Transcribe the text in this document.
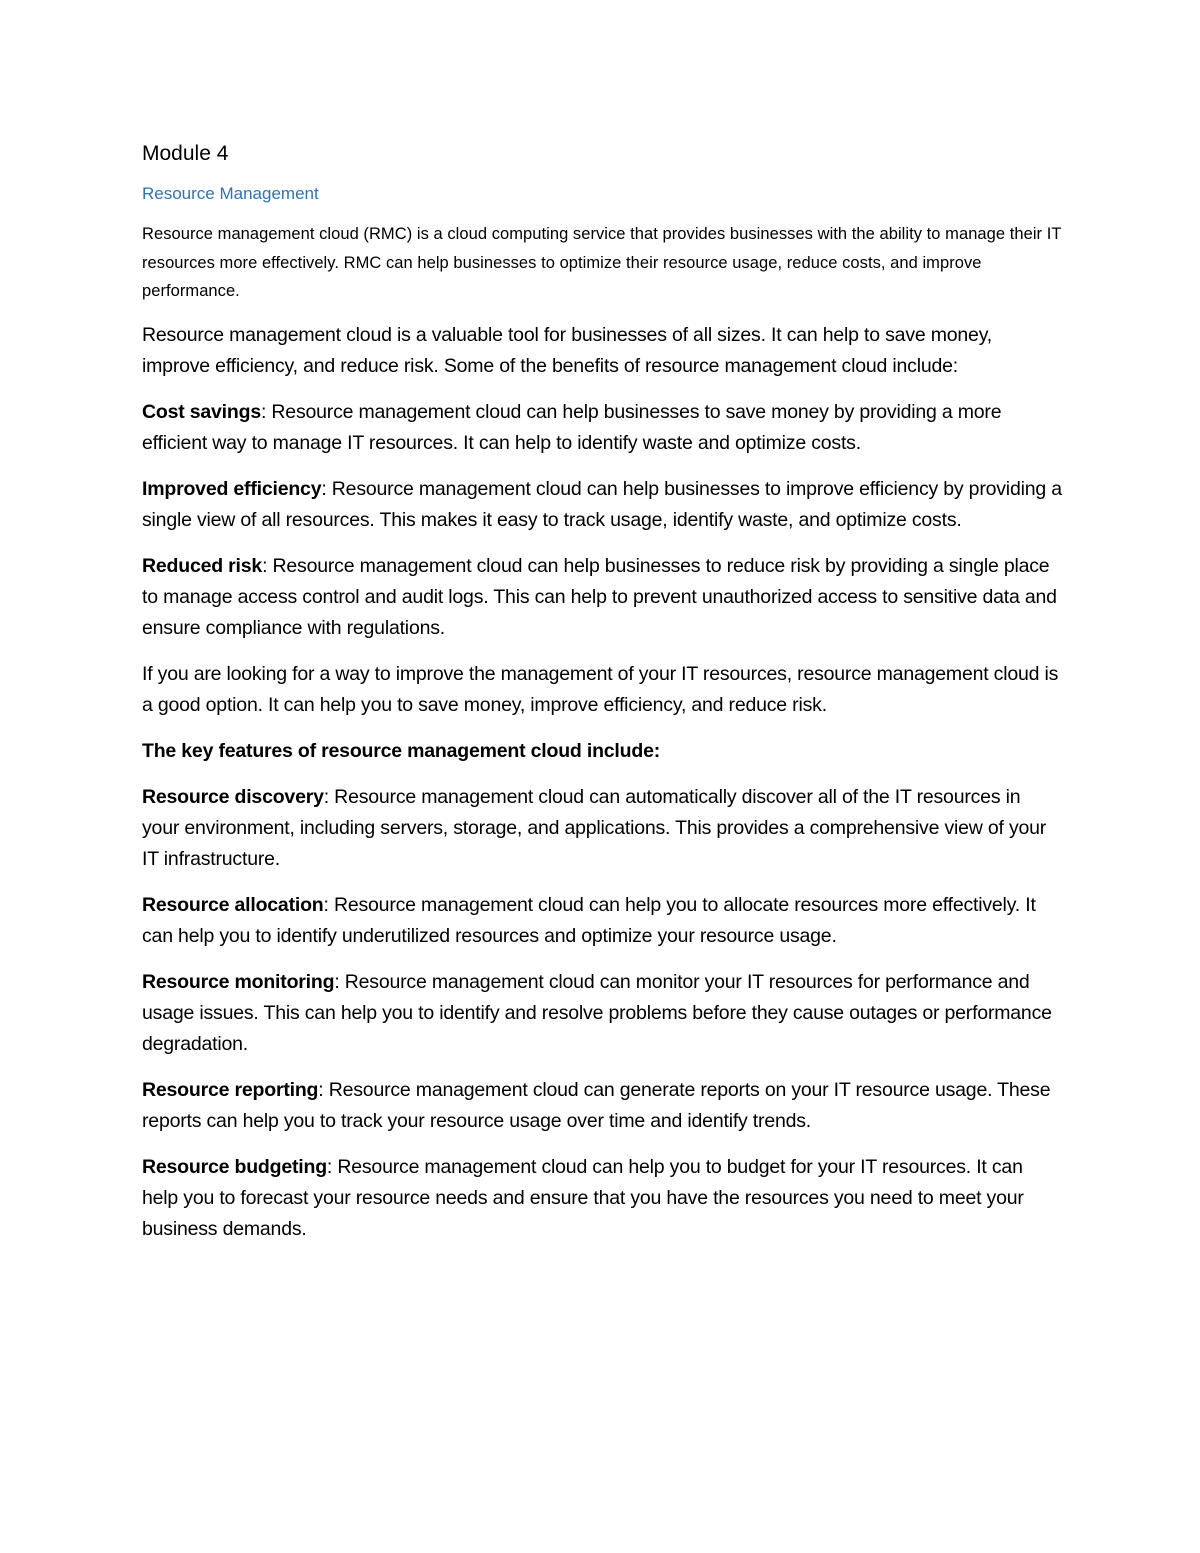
Module 4
Resource Management

Resource management cloud (RMC) is a cloud computing service that provides businesses with the ability to manage their IT resources more effectively. RMC can help businesses to optimize their resource usage, reduce costs, and improve performance.

Resource management cloud is a valuable tool for businesses of all sizes. It can help to save money, improve efficiency, and reduce risk. Some of the benefits of resource management cloud include:

Cost savings: Resource management cloud can help businesses to save money by providing a more efficient way to manage IT resources. It can help to identify waste and optimize costs.

Improved efficiency: Resource management cloud can help businesses to improve efficiency by providing a single view of all resources. This makes it easy to track usage, identify waste, and optimize costs.

Reduced risk: Resource management cloud can help businesses to reduce risk by providing a single place to manage access control and audit logs. This can help to prevent unauthorized access to sensitive data and ensure compliance with regulations.

If you are looking for a way to improve the management of your IT resources, resource management cloud is a good option. It can help you to save money, improve efficiency, and reduce risk.

The key features of resource management cloud include:

Resource discovery: Resource management cloud can automatically discover all of the IT resources in your environment, including servers, storage, and applications. This provides a comprehensive view of your IT infrastructure.

Resource allocation: Resource management cloud can help you to allocate resources more effectively. It can help you to identify underutilized resources and optimize your resource usage.

Resource monitoring: Resource management cloud can monitor your IT resources for performance and usage issues. This can help you to identify and resolve problems before they cause outages or performance degradation.

Resource reporting: Resource management cloud can generate reports on your IT resource usage. These reports can help you to track your resource usage over time and identify trends.

Resource budgeting: Resource management cloud can help you to budget for your IT resources. It can help you to forecast your resource needs and ensure that you have the resources you need to meet your business demands.
